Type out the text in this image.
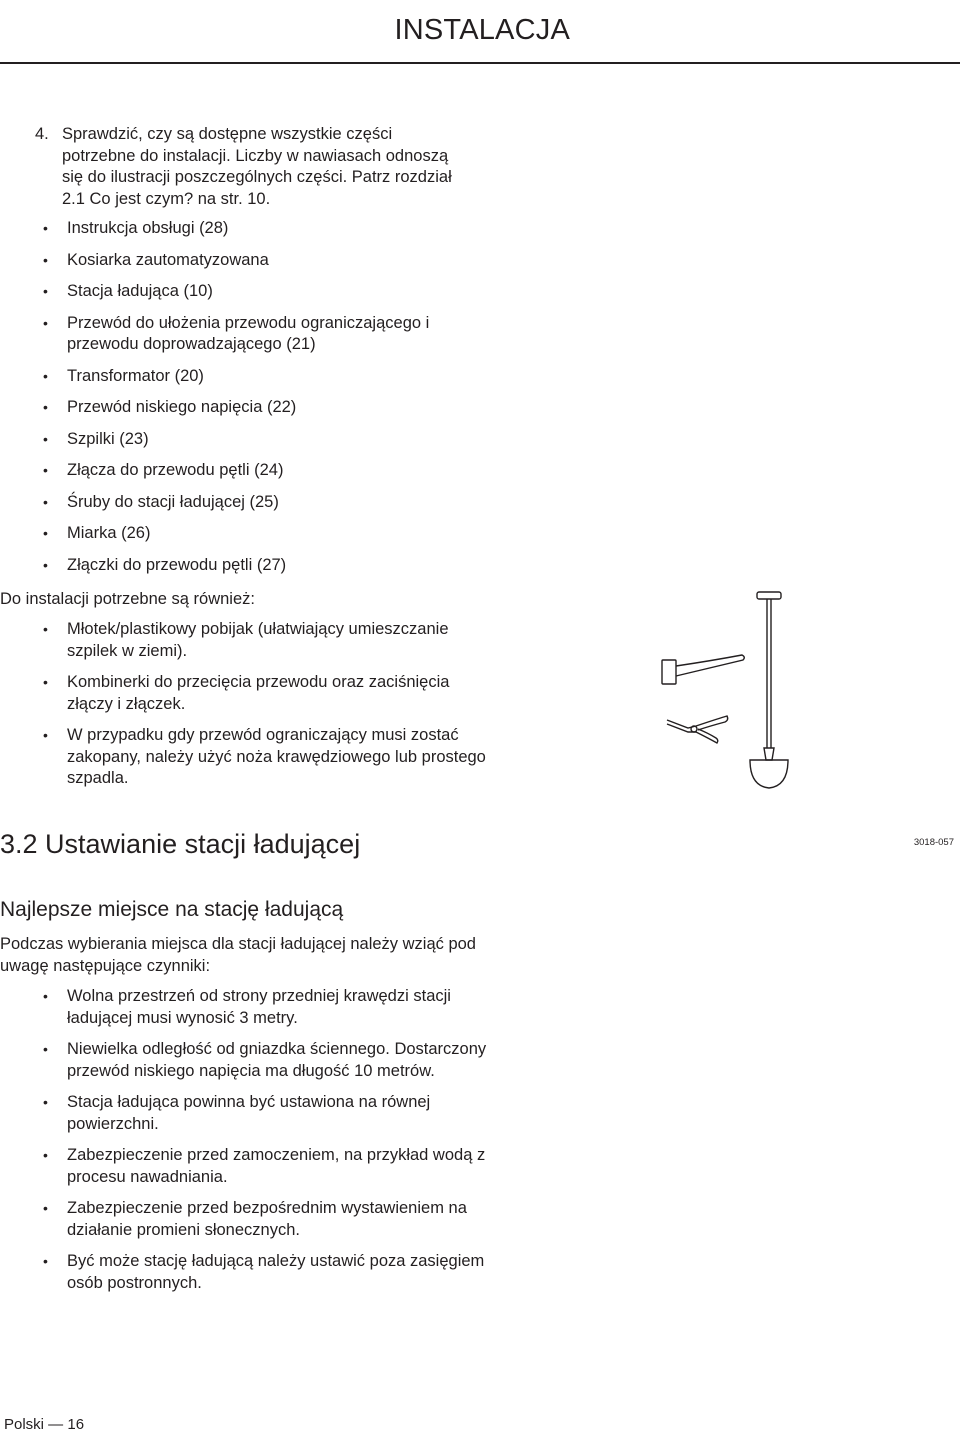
INSTALACJA
4. Sprawdzić, czy są dostępne wszystkie części potrzebne do instalacji. Liczby w nawiasach odnoszą się do ilustracji poszczególnych części. Patrz rozdział 2.1 Co jest czym? na str. 10.
• Instrukcja obsługi (28)
• Kosiarka zautomatyzowana
• Stacja ładująca (10)
• Przewód do ułożenia przewodu ograniczającego i przewodu doprowadzającego (21)
• Transformator (20)
• Przewód niskiego napięcia (22)
• Szpilki (23)
• Złącza do przewodu pętli (24)
• Śruby do stacji ładującej (25)
• Miarka (26)
• Złączki do przewodu pętli (27)
Do instalacji potrzebne są również:
• Młotek/plastikowy pobijak (ułatwiający umieszczanie szpilek w ziemi).
• Kombinerki do przecięcia przewodu oraz zaciśnięcia złączy i złączek.
• W przypadku gdy przewód ograniczający musi zostać zakopany, należy użyć noża krawędziowego lub prostego szpadla.
3018-057
3.2 Ustawianie stacji ładującej
Najlepsze miejsce na stację ładującą
Podczas wybierania miejsca dla stacji ładującej należy wziąć pod uwagę następujące czynniki:
• Wolna przestrzeń od strony przedniej krawędzi stacji ładującej musi wynosić 3 metry.
• Niewielka odległość od gniazdka ściennego. Dostarczony przewód niskiego napięcia ma długość 10 metrów.
• Stacja ładująca powinna być ustawiona na równej powierzchni.
• Zabezpieczenie przed zamoczeniem, na przykład wodą z procesu nawadniania.
• Zabezpieczenie przed bezpośrednim wystawieniem na działanie promieni słonecznych.
• Być może stację ładującą należy ustawić poza zasięgiem osób postronnych.
Polski — 16
